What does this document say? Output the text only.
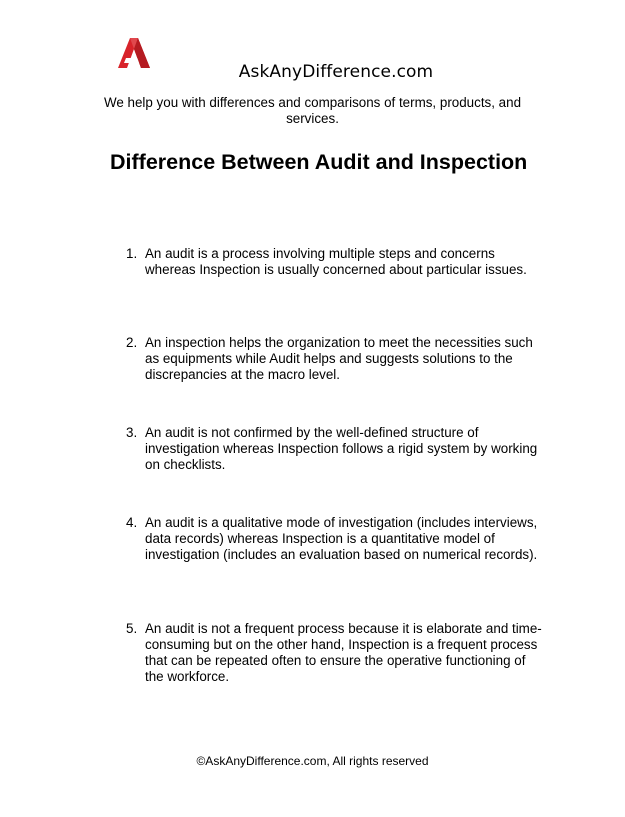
AskAnyDifference.com
We help you with differences and comparisons of terms, products, and services.
Difference Between Audit and Inspection
1. An audit is a process involving multiple steps and concerns whereas Inspection is usually concerned about particular issues.
2. An inspection helps the organization to meet the necessities such as equipments while Audit helps and suggests solutions to the discrepancies at the macro level.
3. An audit is not confirmed by the well-defined structure of investigation whereas Inspection follows a rigid system by working on checklists.
4. An audit is a qualitative mode of investigation (includes interviews, data records) whereas Inspection is a quantitative model of investigation (includes an evaluation based on numerical records).
5. An audit is not a frequent process because it is elaborate and time-consuming but on the other hand, Inspection is a frequent process that can be repeated often to ensure the operative functioning of the workforce.
©AskAnyDifference.com, All rights reserved
